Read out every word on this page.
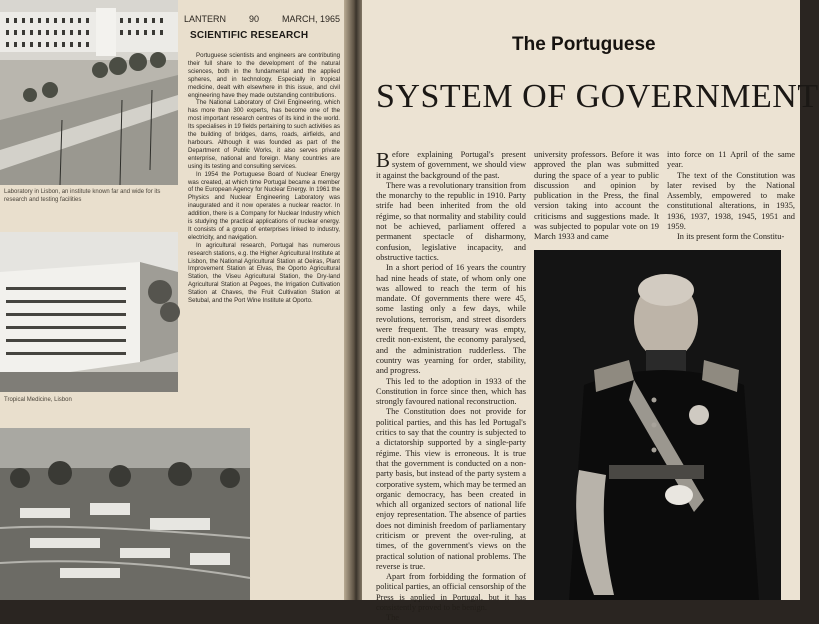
Laboratory in Lisbon, an institute known far and wide for its research and testing facilities
Tropical Medicine, Lisbon
LANTERN	90	MARCH, 1965
SCIENTIFIC RESEARCH

Portuguese scientists and engineers are contributing their full share to the development of the natural sciences, both in the fundamental and the applied spheres, and in technology. Especially in tropical medicine, dealt with elsewhere in this issue, and civil engineering have they made outstanding contributions.

The National Laboratory of Civil Engineering, which has more than 300 experts, has become one of the most important research centres of its kind in the world. Its specialises in 19 fields pertaining to such activities as the building of bridges, dams, roads, airfields, and harbours. Although it was founded as part of the Department of Public Works, it also serves private enterprise, national and foreign. Many countries are using its testing and consulting services.

In 1954 the Portuguese Board of Nuclear Energy was created, at which time Portugal became a member of the European Agency for Nuclear Energy. In 1961 the Physics and Nuclear Engineering Laboratory was inaugurated and it now operates a nuclear reactor. In addition, there is a Company for Nuclear Industry which is studying the practical applications of nuclear energy. It consists of a group of enterprises linked to industry, electricity, and navigation.

In agricultural research, Portugal has numerous research stations, e.g. the Higher Agricultural Institute at Lisbon, the National Agricultural Station at Oeiras, Plant Improvement Station at Elvas, the Oporto Agricultural Station, the Viseu Agricultural Station, the Dry-land Agricultural Station at Pegoes, the Irrigation Cultivation Station at Chaves, the Fruit Cultivation Station at Setubal, and the Port Wine Institute at Oporto.

The Portuguese
SYSTEM OF GOVERNMENT

Before explaining Portugal's present system of government, we should view it against the background of the past.

There was a revolutionary transition from the monarchy to the republic in 1910. Party strife had been inherited from the old régime, so that normality and stability could not be achieved, parliament offered a permanent spectacle of disharmony, confusion, legislative incapacity, and obstructive tactics.

In a short period of 16 years the country had nine heads of state, of whom only one was allowed to reach the term of his mandate. Of governments there were 45, some lasting only a few days, while revolutions, terrorism, and street disorders were frequent. The treasury was empty, credit non-existent, the economy paralysed, and the administration rudderless. The country was yearning for order, stability, and progress.

This led to the adoption in 1933 of the Constitution in force since then, which has strongly favoured national reconstruction.

The Constitution does not provide for political parties, and this has led Portugal's critics to say that the country is subjected to a dictatorship supported by a single-party régime. This view is erroneous. It is true that the government is conducted on a non-party basis, but instead of the party system a corporative system, which may be termed an organic democracy, has been created in which all organized sectors of national life enjoy representation. The absence of parties does not diminish freedom of parliamentary criticism or prevent the over-ruling, at times, of the government's views on the practical solution of national problems. The reverse is true.

Apart from forbidding the formation of political parties, an official censorship of the Press is applied in Portugal, but it has consistently proved to be benign.

The

university professors. Before it was approved the plan was submitted during the space of a year to public discussion and opinion by publication in the Press, the final version taking into account the criticisms and suggestions made. It was subjected to popular vote on 19 March 1933 and came

into force on 11 April of the same year.

The text of the Constitution was later revised by the National Assembly, empowered to make constitutional alterations, in 1935, 1936, 1937, 1938, 1945, 1951 and 1959.

In its present form the Constitu-
